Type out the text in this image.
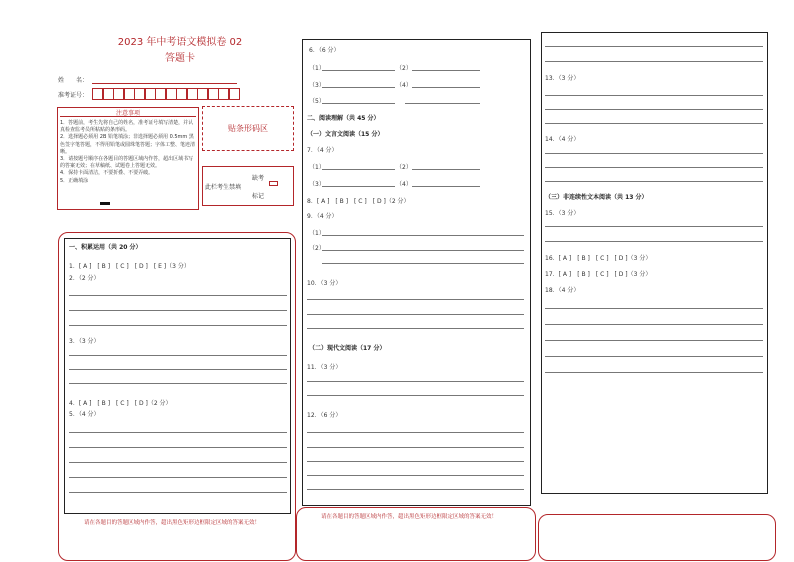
2023 年中考语文模拟卷 02
答题卡
姓　　名：
准考证号：
注意事项
1．答题前，考生先将自己的姓名，准考证号填写清楚，并认真检查监考员所粘贴的条形码。
2．选择题必须用 2B 铅笔填涂；非选择题必须用 0.5mm 黑色签字笔答题，不得用铅笔或圆珠笔答题；字体工整、笔迹清晰。
3．请按题号顺序在各题目的答题区域内作答，超出区域书写的答案无效；在草稿纸、试题卷上答题无效。
4．保持卡面清洁，不要折叠、不要弄破。
5．正确填涂
贴条形码区
此栏考生禁填
缺考
标记
一、积累运用（共 20 分）
1．[ A ]　[ B ]　[ C ]　[ D ]　[ E ]（3 分）
2．（2 分）
3．（3 分）
4．[ A ]　[ B ]　[ C ]　[ D ]（2 分）
5．（4 分）
请在各题目的答题区域内作答，超出黑色矩形边框限定区域的答案无效！
6．（6 分）
（1）	（2）
（3）	（4）
（5）
二、阅读理解（共 45 分）
（一）文言文阅读（15 分）
7．（4 分）
（1）	（2）
（3）	（4）
8．[ A ]　[ B ]　[ C ]　[ D ]（2 分）
9．（4 分）
（1）
（2）
10．（3 分）
（二）现代文阅读（17 分）
11．（3 分）
12．（6 分）
请在各题目的答题区域内作答，超出黑色矩形边框限定区域的答案无效！
13．（3 分）
14．（4 分）
（三）非连续性文本阅读（共 13 分）
15．（3 分）
16．[ A ]　[ B ]　[ C ]　[ D ]（3 分）
17．[ A ]　[ B ]　[ C ]　[ D ]（3 分）
18．（4 分）
